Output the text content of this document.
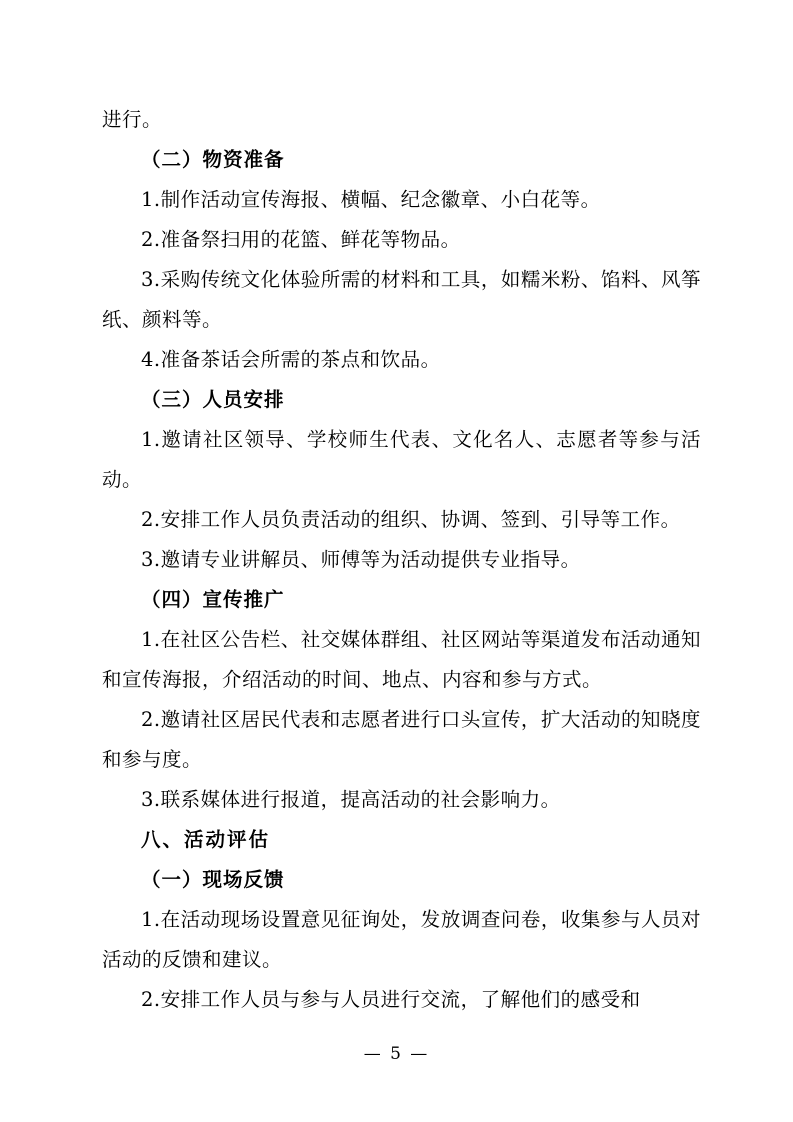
进行。

（二）物资准备

1.制作活动宣传海报、横幅、纪念徽章、小白花等。

2.准备祭扫用的花篮、鲜花等物品。

3.采购传统文化体验所需的材料和工具，如糯米粉、馅料、风筝纸、颜料等。

4.准备茶话会所需的茶点和饮品。

（三）人员安排

1.邀请社区领导、学校师生代表、文化名人、志愿者等参与活动。

2.安排工作人员负责活动的组织、协调、签到、引导等工作。

3.邀请专业讲解员、师傅等为活动提供专业指导。

（四）宣传推广

1.在社区公告栏、社交媒体群组、社区网站等渠道发布活动通知和宣传海报，介绍活动的时间、地点、内容和参与方式。

2.邀请社区居民代表和志愿者进行口头宣传，扩大活动的知晓度和参与度。

3.联系媒体进行报道，提高活动的社会影响力。

八、活动评估

（一）现场反馈

1.在活动现场设置意见征询处，发放调查问卷，收集参与人员对活动的反馈和建议。

2.安排工作人员与参与人员进行交流，了解他们的感受和

— 5 —
